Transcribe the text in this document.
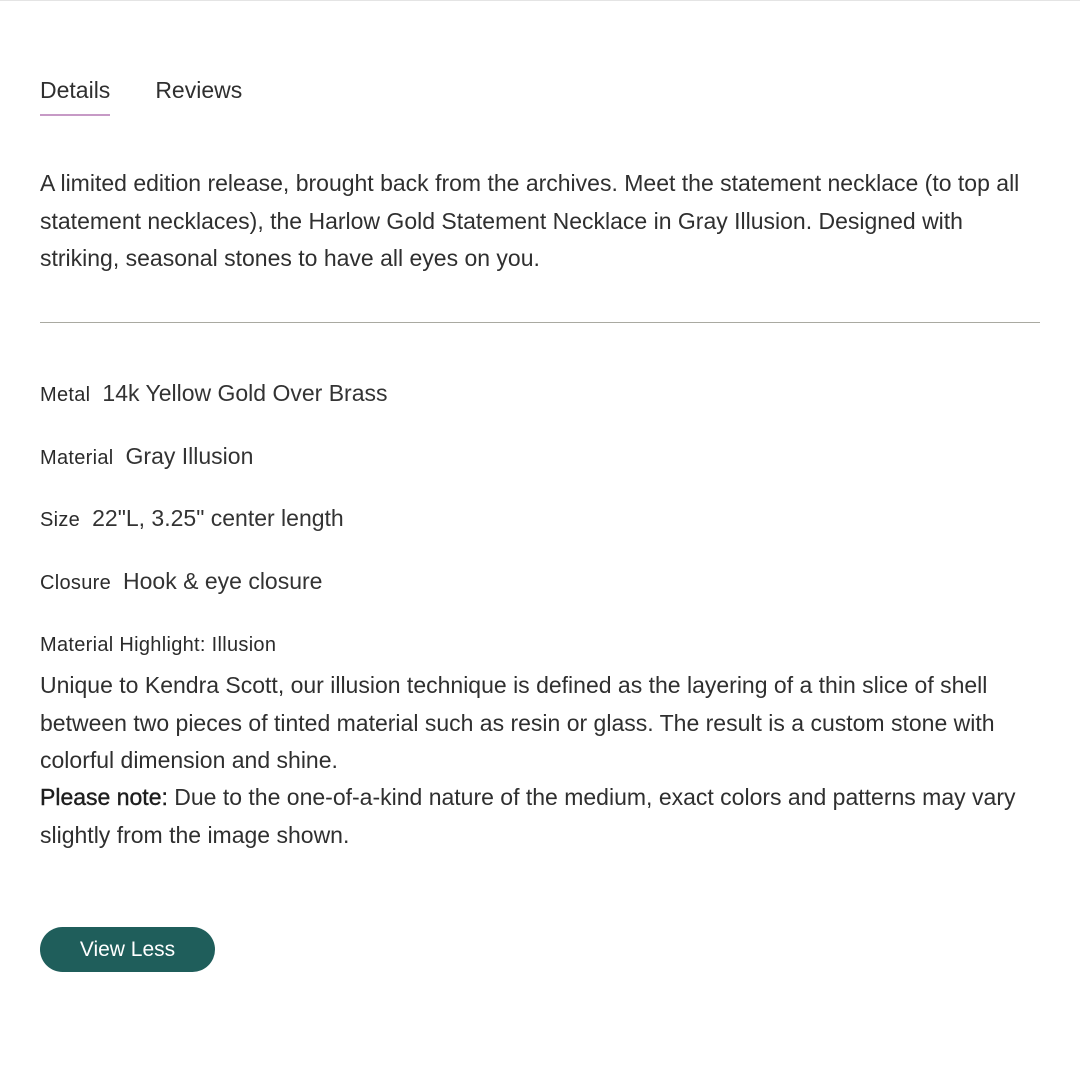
Details Reviews

A limited edition release, brought back from the archives. Meet the statement necklace (to top all statement necklaces), the Harlow Gold Statement Necklace in Gray Illusion. Designed with striking, seasonal stones to have all eyes on you.

Metal 14k Yellow Gold Over Brass
Material Gray Illusion
Size 22"L, 3.25" center length
Closure Hook & eye closure
Material Highlight: Illusion

Unique to Kendra Scott, our illusion technique is defined as the layering of a thin slice of shell between two pieces of tinted material such as resin or glass. The result is a custom stone with colorful dimension and shine.

Please note: Due to the one-of-a-kind nature of the medium, exact colors and patterns may vary slightly from the image shown.

View Less
